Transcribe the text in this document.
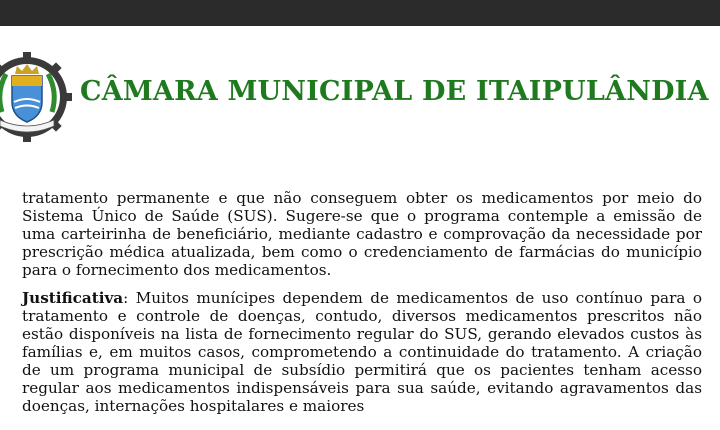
CÂMARA MUNICIPAL DE ITAIPULÂNDIA

tratamento permanente e que não conseguem obter os medicamentos por meio do Sistema Único de Saúde (SUS). Sugere-se que o programa contemple a emissão de uma carteirinha de beneficiário, mediante cadastro e comprovação da necessidade por prescrição médica atualizada, bem como o credenciamento de farmácias do município para o fornecimento dos medicamentos.

Justificativa: Muitos munícipes dependem de medicamentos de uso contínuo para o tratamento e controle de doenças, contudo, diversos medicamentos prescritos não estão disponíveis na lista de fornecimento regular do SUS, gerando elevados custos às famílias e, em muitos casos, comprometendo a continuidade do tratamento. A criação de um programa municipal de subsídio permitirá que os pacientes tenham acesso regular aos medicamentos indispensáveis para sua saúde, evitando agravamentos das doenças, internações hospitalares e maiores
